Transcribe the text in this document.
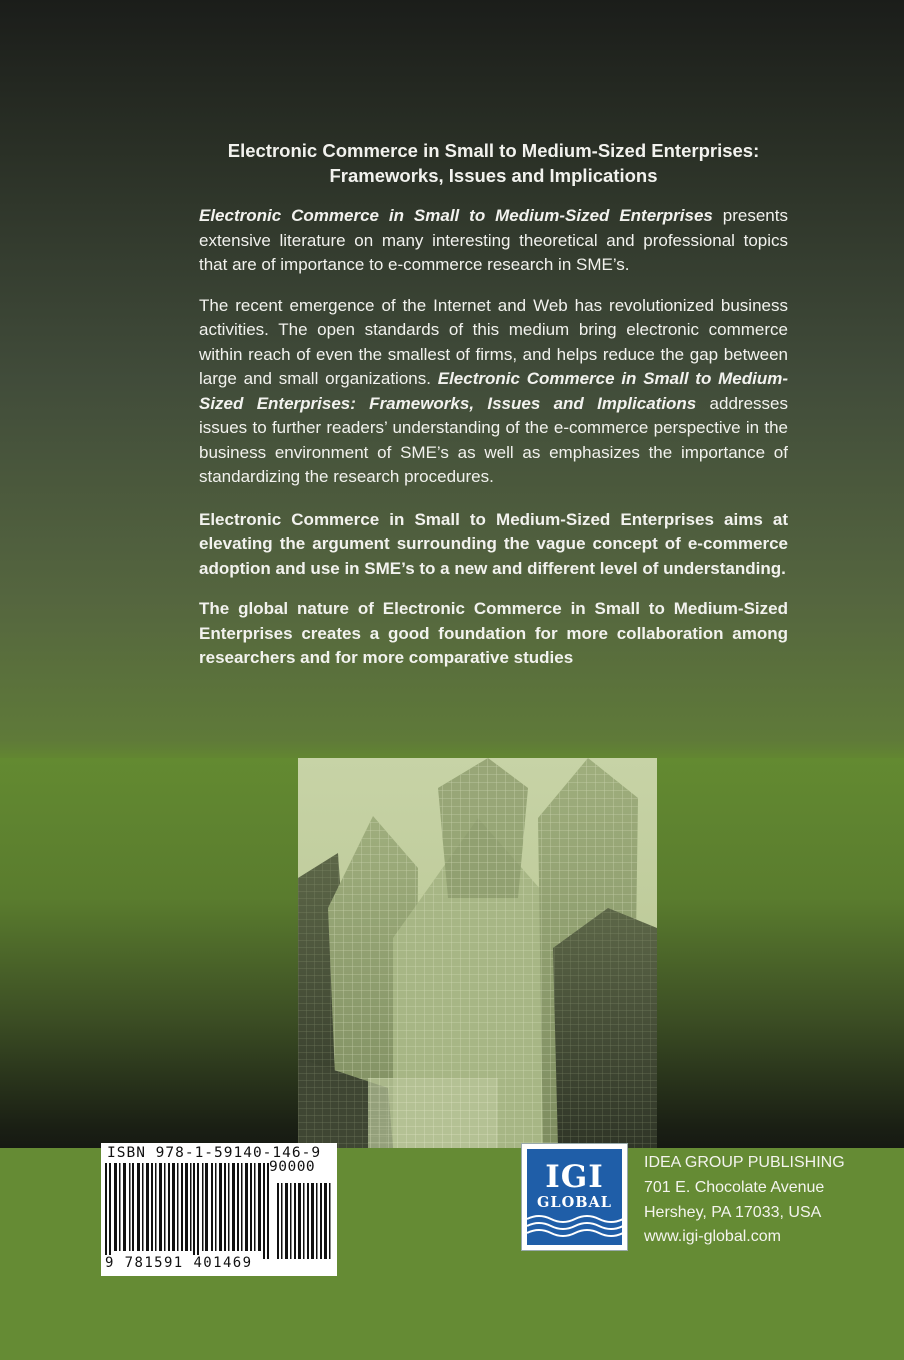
Electronic Commerce in Small to Medium-Sized Enterprises:
Frameworks, Issues and Implications

Electronic Commerce in Small to Medium-Sized Enterprises presents extensive literature on many interesting theoretical and professional topics that are of importance to e-commerce research in SME’s.

The recent emergence of the Internet and Web has revolutionized business activities. The open standards of this medium bring electronic commerce within reach of even the smallest of firms, and helps reduce the gap between large and small organizations. Electronic Commerce in Small to Medium-Sized Enterprises: Frameworks, Issues and Implications addresses issues to further readers’ understanding of the e-commerce perspective in the business environment of SME’s as well as emphasizes the importance of standardizing the research procedures.

Electronic Commerce in Small to Medium-Sized Enterprises aims at elevating the argument surrounding the vague concept of e-commerce adoption and use in SME’s to a new and different level of understanding.

The global nature of Electronic Commerce in Small to Medium-Sized Enterprises creates a good foundation for more collaboration among researchers and for more comparative studies

ISBN 978-1-59140-146-9
90000
9 781591 401469
IGI
GLOBAL
IDEA GROUP PUBLISHING
701 E. Chocolate Avenue
Hershey, PA 17033, USA
www.igi-global.com
